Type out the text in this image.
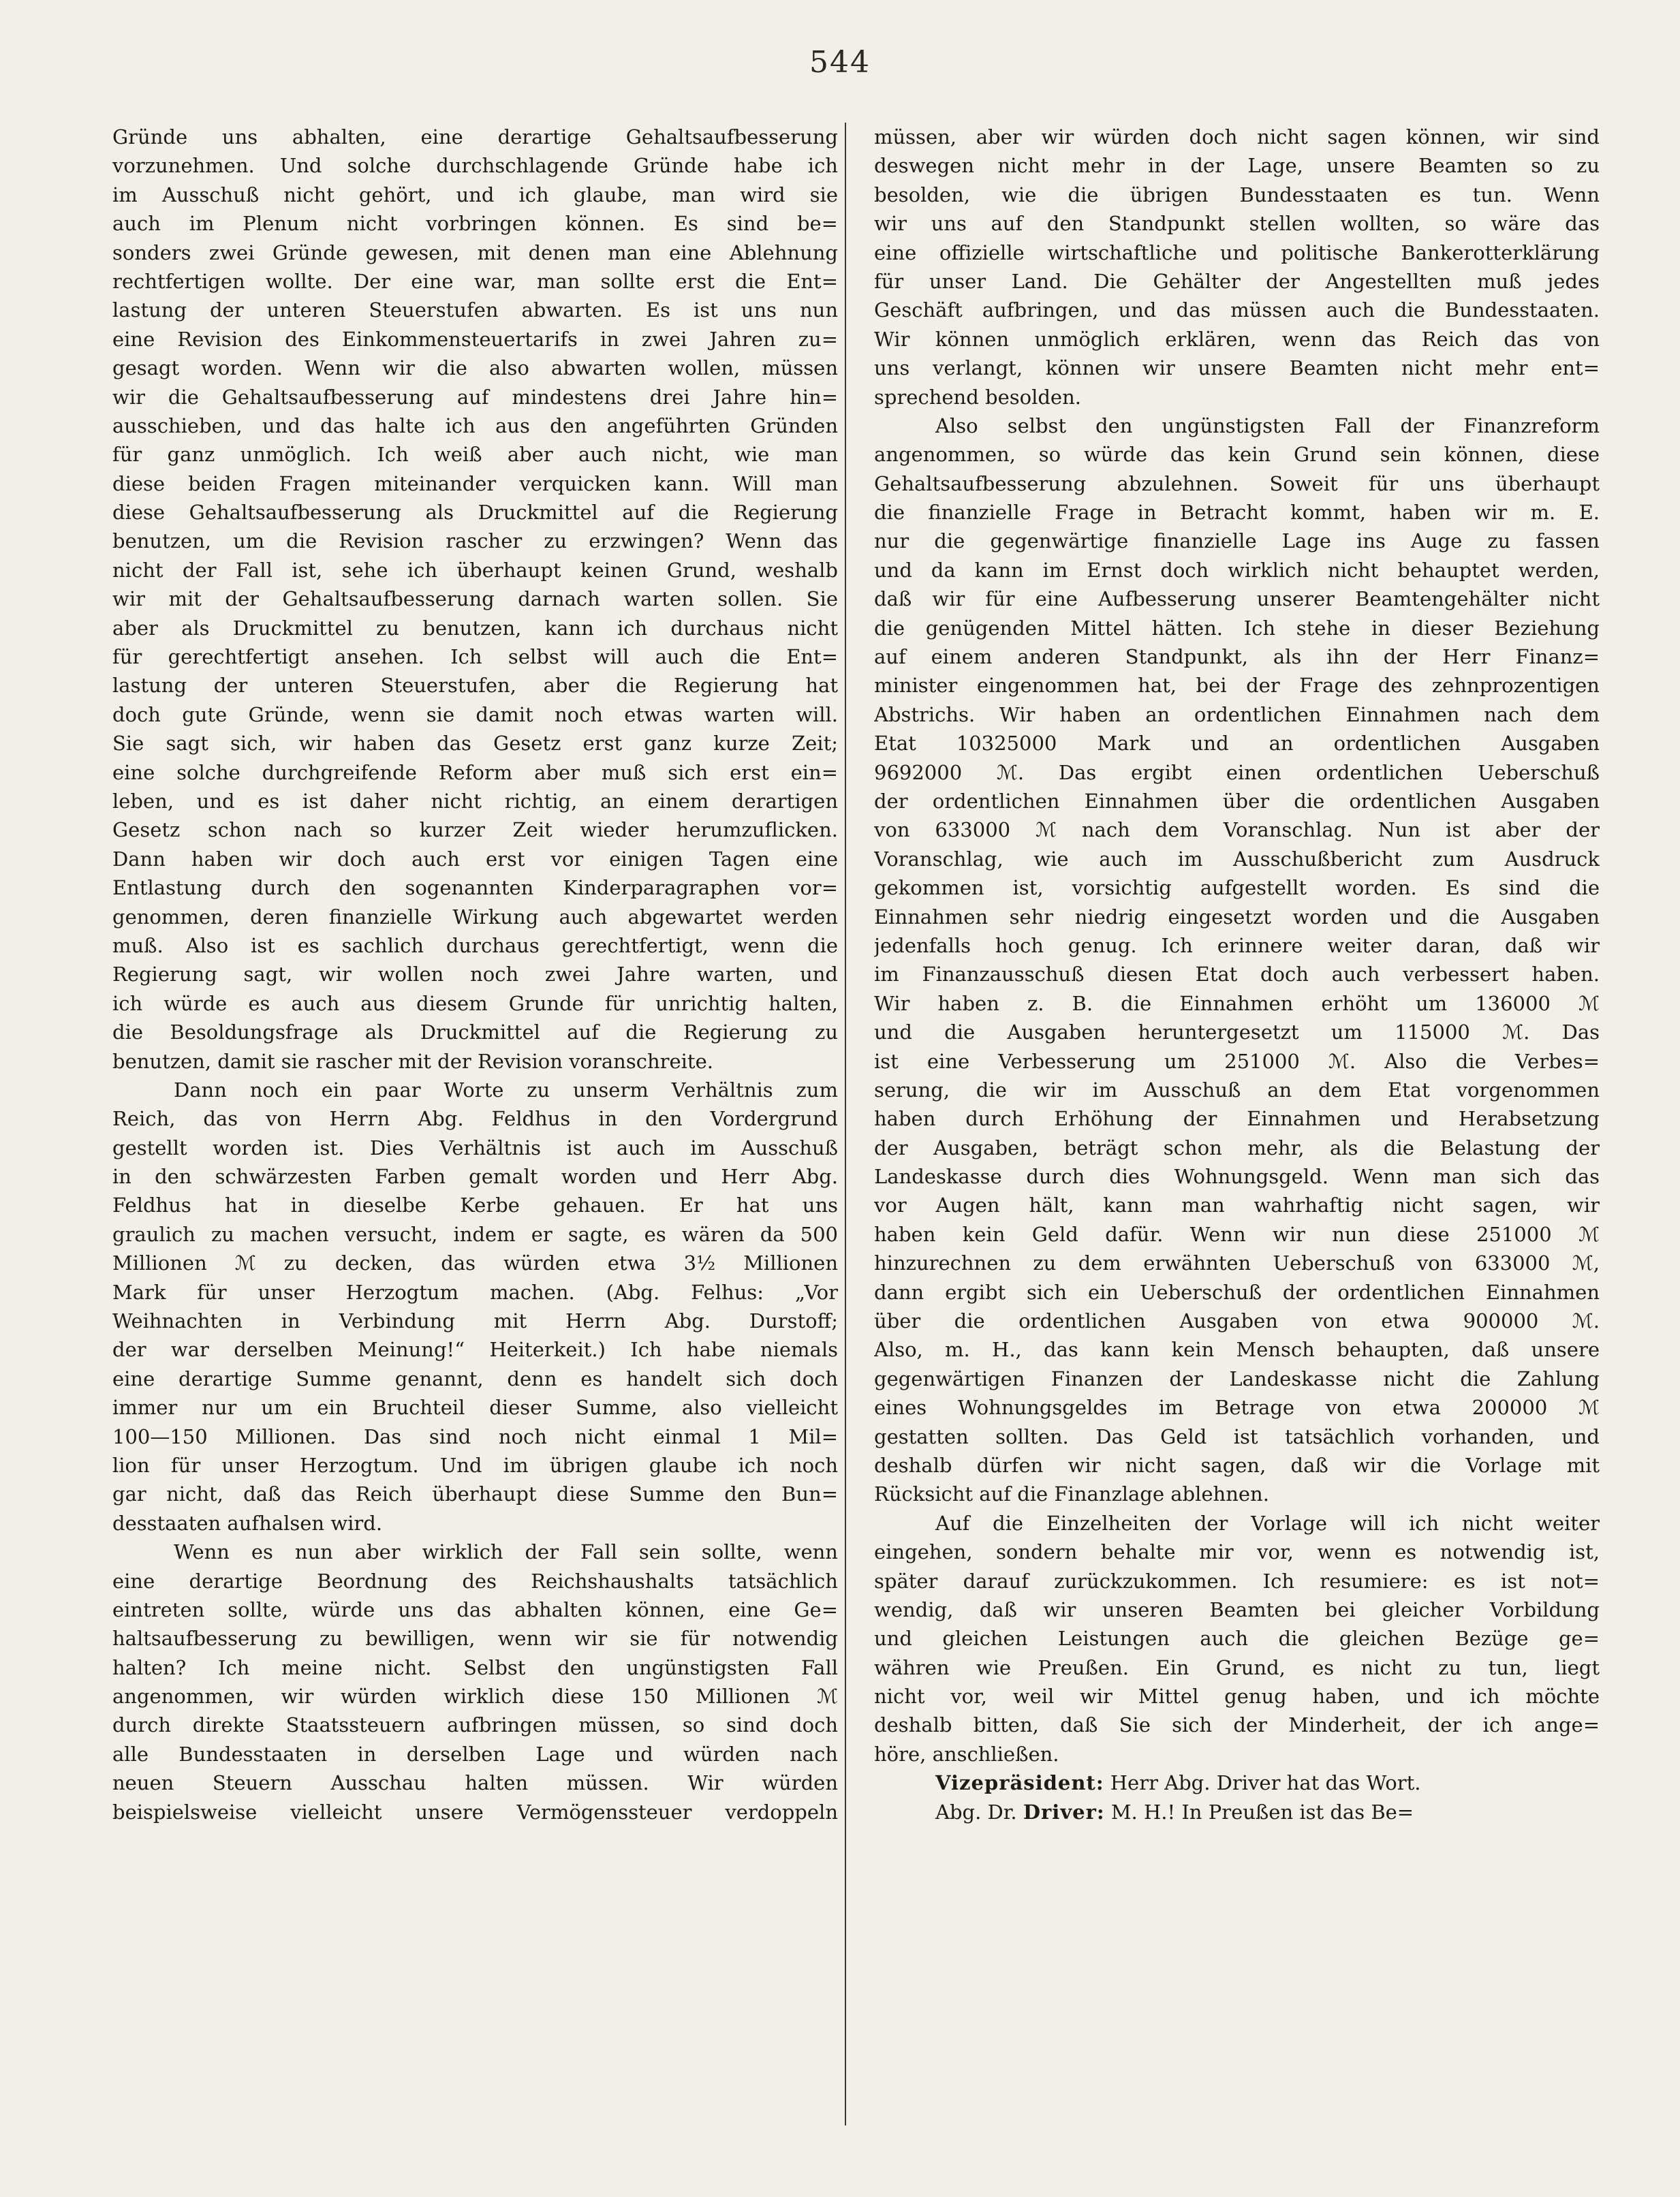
544
Gründe uns abhalten, eine derartige Gehaltsaufbesserung
vorzunehmen. Und solche durchschlagende Gründe habe ich
im Ausschuß nicht gehört, und ich glaube, man wird sie
auch im Plenum nicht vorbringen können. Es sind be=
sonders zwei Gründe gewesen, mit denen man eine Ablehnung
rechtfertigen wollte. Der eine war, man sollte erst die Ent=
lastung der unteren Steuerstufen abwarten. Es ist uns nun
eine Revision des Einkommensteuertarifs in zwei Jahren zu=
gesagt worden. Wenn wir die also abwarten wollen, müssen
wir die Gehaltsaufbesserung auf mindestens drei Jahre hin=
ausschieben, und das halte ich aus den angeführten Gründen
für ganz unmöglich. Ich weiß aber auch nicht, wie man
diese beiden Fragen miteinander verquicken kann. Will man
diese Gehaltsaufbesserung als Druckmittel auf die Regierung
benutzen, um die Revision rascher zu erzwingen? Wenn das
nicht der Fall ist, sehe ich überhaupt keinen Grund, weshalb
wir mit der Gehaltsaufbesserung darnach warten sollen. Sie
aber als Druckmittel zu benutzen, kann ich durchaus nicht
für gerechtfertigt ansehen. Ich selbst will auch die Ent=
lastung der unteren Steuerstufen, aber die Regierung hat
doch gute Gründe, wenn sie damit noch etwas warten will.
Sie sagt sich, wir haben das Gesetz erst ganz kurze Zeit;
eine solche durchgreifende Reform aber muß sich erst ein=
leben, und es ist daher nicht richtig, an einem derartigen
Gesetz schon nach so kurzer Zeit wieder herumzuflicken.
Dann haben wir doch auch erst vor einigen Tagen eine
Entlastung durch den sogenannten Kinderparagraphen vor=
genommen, deren finanzielle Wirkung auch abgewartet werden
muß. Also ist es sachlich durchaus gerechtfertigt, wenn die
Regierung sagt, wir wollen noch zwei Jahre warten, und
ich würde es auch aus diesem Grunde für unrichtig halten,
die Besoldungsfrage als Druckmittel auf die Regierung zu
benutzen, damit sie rascher mit der Revision voranschreite.
Dann noch ein paar Worte zu unserm Verhältnis zum
Reich, das von Herrn Abg. Feldhus in den Vordergrund
gestellt worden ist. Dies Verhältnis ist auch im Ausschuß
in den schwärzesten Farben gemalt worden und Herr Abg.
Feldhus hat in dieselbe Kerbe gehauen. Er hat uns
graulich zu machen versucht, indem er sagte, es wären da 500
Millionen ℳ zu decken, das würden etwa 3½ Millionen
Mark für unser Herzogtum machen. (Abg. Felhus: „Vor
Weihnachten in Verbindung mit Herrn Abg. Durstoff;
der war derselben Meinung!“ Heiterkeit.) Ich habe niemals
eine derartige Summe genannt, denn es handelt sich doch
immer nur um ein Bruchteil dieser Summe, also vielleicht
100—150 Millionen. Das sind noch nicht einmal 1 Mil=
lion für unser Herzogtum. Und im übrigen glaube ich noch
gar nicht, daß das Reich überhaupt diese Summe den Bun=
desstaaten aufhalsen wird.
Wenn es nun aber wirklich der Fall sein sollte, wenn
eine derartige Beordnung des Reichshaushalts tatsächlich
eintreten sollte, würde uns das abhalten können, eine Ge=
haltsaufbesserung zu bewilligen, wenn wir sie für notwendig
halten? Ich meine nicht. Selbst den ungünstigsten Fall
angenommen, wir würden wirklich diese 150 Millionen ℳ
durch direkte Staatssteuern aufbringen müssen, so sind doch
alle Bundesstaaten in derselben Lage und würden nach
neuen Steuern Ausschau halten müssen. Wir würden
beispielsweise vielleicht unsere Vermögenssteuer verdoppeln
müssen, aber wir würden doch nicht sagen können, wir sind
deswegen nicht mehr in der Lage, unsere Beamten so zu
besolden, wie die übrigen Bundesstaaten es tun. Wenn
wir uns auf den Standpunkt stellen wollten, so wäre das
eine offizielle wirtschaftliche und politische Bankerotterklärung
für unser Land. Die Gehälter der Angestellten muß jedes
Geschäft aufbringen, und das müssen auch die Bundesstaaten.
Wir können unmöglich erklären, wenn das Reich das von
uns verlangt, können wir unsere Beamten nicht mehr ent=
sprechend besolden.
Also selbst den ungünstigsten Fall der Finanzreform
angenommen, so würde das kein Grund sein können, diese
Gehaltsaufbesserung abzulehnen. Soweit für uns überhaupt
die finanzielle Frage in Betracht kommt, haben wir m. E.
nur die gegenwärtige finanzielle Lage ins Auge zu fassen
und da kann im Ernst doch wirklich nicht behauptet werden,
daß wir für eine Aufbesserung unserer Beamtengehälter nicht
die genügenden Mittel hätten. Ich stehe in dieser Beziehung
auf einem anderen Standpunkt, als ihn der Herr Finanz=
minister eingenommen hat, bei der Frage des zehnprozentigen
Abstrichs. Wir haben an ordentlichen Einnahmen nach dem
Etat 10325000 Mark und an ordentlichen Ausgaben
9692000 ℳ. Das ergibt einen ordentlichen Ueberschuß
der ordentlichen Einnahmen über die ordentlichen Ausgaben
von 633000 ℳ nach dem Voranschlag. Nun ist aber der
Voranschlag, wie auch im Ausschußbericht zum Ausdruck
gekommen ist, vorsichtig aufgestellt worden. Es sind die
Einnahmen sehr niedrig eingesetzt worden und die Ausgaben
jedenfalls hoch genug. Ich erinnere weiter daran, daß wir
im Finanzausschuß diesen Etat doch auch verbessert haben.
Wir haben z. B. die Einnahmen erhöht um 136000 ℳ
und die Ausgaben heruntergesetzt um 115000 ℳ. Das
ist eine Verbesserung um 251000 ℳ. Also die Verbes=
serung, die wir im Ausschuß an dem Etat vorgenommen
haben durch Erhöhung der Einnahmen und Herabsetzung
der Ausgaben, beträgt schon mehr, als die Belastung der
Landeskasse durch dies Wohnungsgeld. Wenn man sich das
vor Augen hält, kann man wahrhaftig nicht sagen, wir
haben kein Geld dafür. Wenn wir nun diese 251000 ℳ
hinzurechnen zu dem erwähnten Ueberschuß von 633000 ℳ,
dann ergibt sich ein Ueberschuß der ordentlichen Einnahmen
über die ordentlichen Ausgaben von etwa 900000 ℳ.
Also, m. H., das kann kein Mensch behaupten, daß unsere
gegenwärtigen Finanzen der Landeskasse nicht die Zahlung
eines Wohnungsgeldes im Betrage von etwa 200000 ℳ
gestatten sollten. Das Geld ist tatsächlich vorhanden, und
deshalb dürfen wir nicht sagen, daß wir die Vorlage mit
Rücksicht auf die Finanzlage ablehnen.
Auf die Einzelheiten der Vorlage will ich nicht weiter
eingehen, sondern behalte mir vor, wenn es notwendig ist,
später darauf zurückzukommen. Ich resumiere: es ist not=
wendig, daß wir unseren Beamten bei gleicher Vorbildung
und gleichen Leistungen auch die gleichen Bezüge ge=
währen wie Preußen. Ein Grund, es nicht zu tun, liegt
nicht vor, weil wir Mittel genug haben, und ich möchte
deshalb bitten, daß Sie sich der Minderheit, der ich ange=
höre, anschließen.
Vizepräsident: Herr Abg. Driver hat das Wort.
Abg. Dr. Driver: M. H.! In Preußen ist das Be=
